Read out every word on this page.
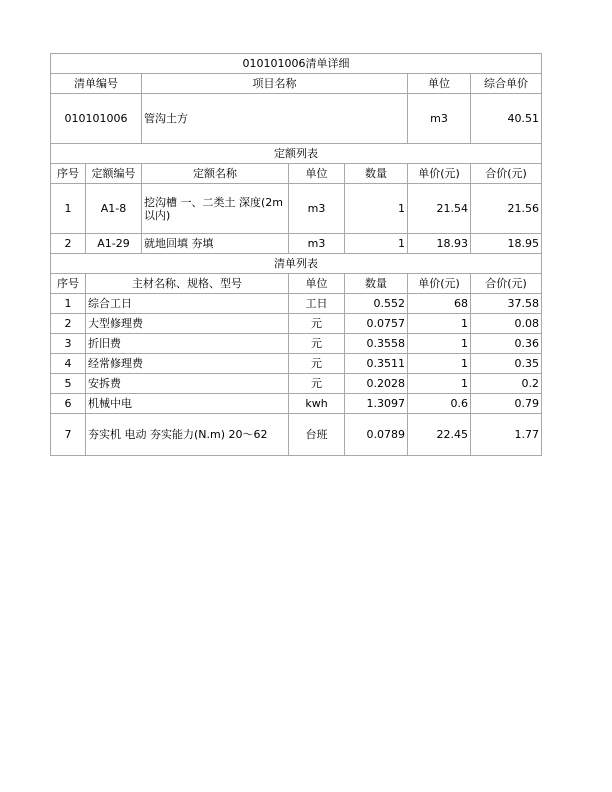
010101006清单详细						
清单编号		项目名称			单位	综合单价
010101006		管沟土方			m3	40.51
定额列表						
序号	定额编号	定额名称	单位	数量	单价(元)	合价(元)
1	A1-8	挖沟槽 一、二类土 深度(2m以内)	m3	1	21.54	21.56
2	A1-29	就地回填 夯填	m3	1	18.93	18.95
清单列表						
序号	主材名称、规格、型号		单位	数量	单价(元)	合价(元)
1	综合工日		工日	0.552	68	37.58
2	大型修理费		元	0.0757	1	0.08
3	折旧费		元	0.3558	1	0.36
4	经常修理费		元	0.3511	1	0.35
5	安拆费		元	0.2028	1	0.2
6	机械中电		kwh	1.3097	0.6	0.79
7	夯实机 电动 夯实能力(N.m) 20～62		台班	0.0789	22.45	1.77
